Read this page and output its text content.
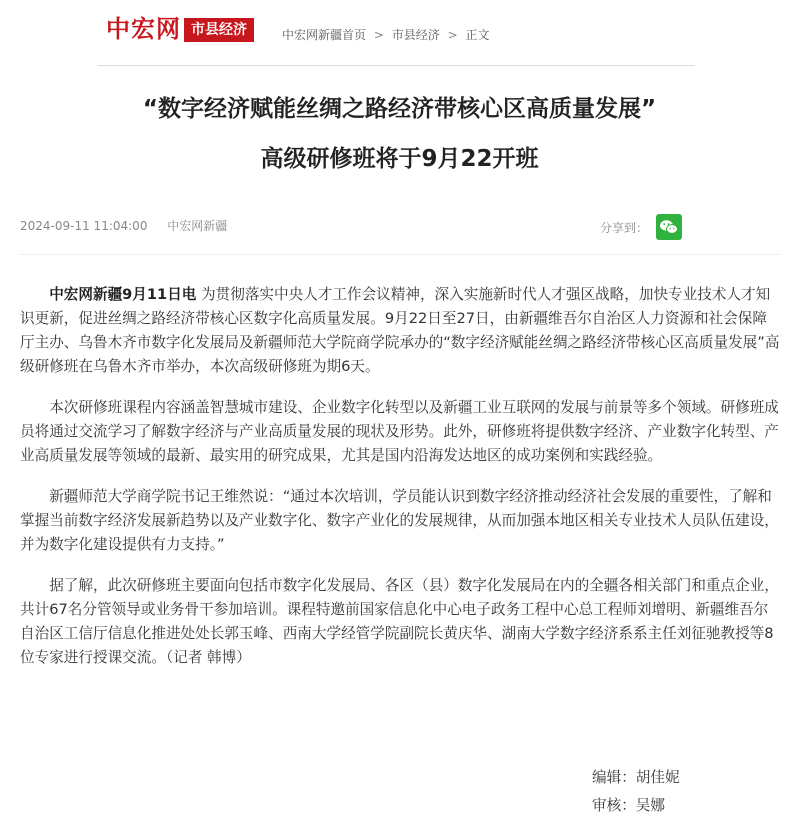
中宏网 市县经济	中宏网新疆首页 > 市县经济 > 正文
“数字经济赋能丝绸之路经济带核心区高质量发展”
高级研修班将于9月22开班
2024-09-11 11:04:00 中宏网新疆	分享到：

中宏网新疆9月11日电 为贯彻落实中央人才工作会议精神，深入实施新时代人才强区战略，加快专业技术人才知识更新，促进丝绸之路经济带核心区数字化高质量发展。9月22日至27日，由新疆维吾尔自治区人力资源和社会保障厅主办、乌鲁木齐市数字化发展局及新疆师范大学院商学院承办的“数字经济赋能丝绸之路经济带核心区高质量发展”高级研修班在乌鲁木齐市举办，本次高级研修班为期6天。

本次研修班课程内容涵盖智慧城市建设、企业数字化转型以及新疆工业互联网的发展与前景等多个领域。研修班成员将通过交流学习了解数字经济与产业高质量发展的现状及形势。此外，研修班将提供数字经济、产业数字化转型、产业高质量发展等领域的最新、最实用的研究成果，尤其是国内沿海发达地区的成功案例和实践经验。

新疆师范大学商学院书记王维然说：“通过本次培训，学员能认识到数字经济推动经济社会发展的重要性，了解和掌握当前数字经济发展新趋势以及产业数字化、数字产业化的发展规律，从而加强本地区相关专业技术人员队伍建设，并为数字化建设提供有力支持。”

据了解，此次研修班主要面向包括市数字化发展局、各区（县）数字化发展局在内的全疆各相关部门和重点企业，共计67名分管领导或业务骨干参加培训。课程特邀前国家信息化中心电子政务工程中心总工程师刘增明、新疆维吾尔自治区工信厅信息化推进处处长郭玉峰、西南大学经管学院副院长黄庆华、湖南大学数字经济系系主任刘征驰教授等8位专家进行授课交流。（记者 韩博）

编辑：胡佳妮
审核：吴娜
